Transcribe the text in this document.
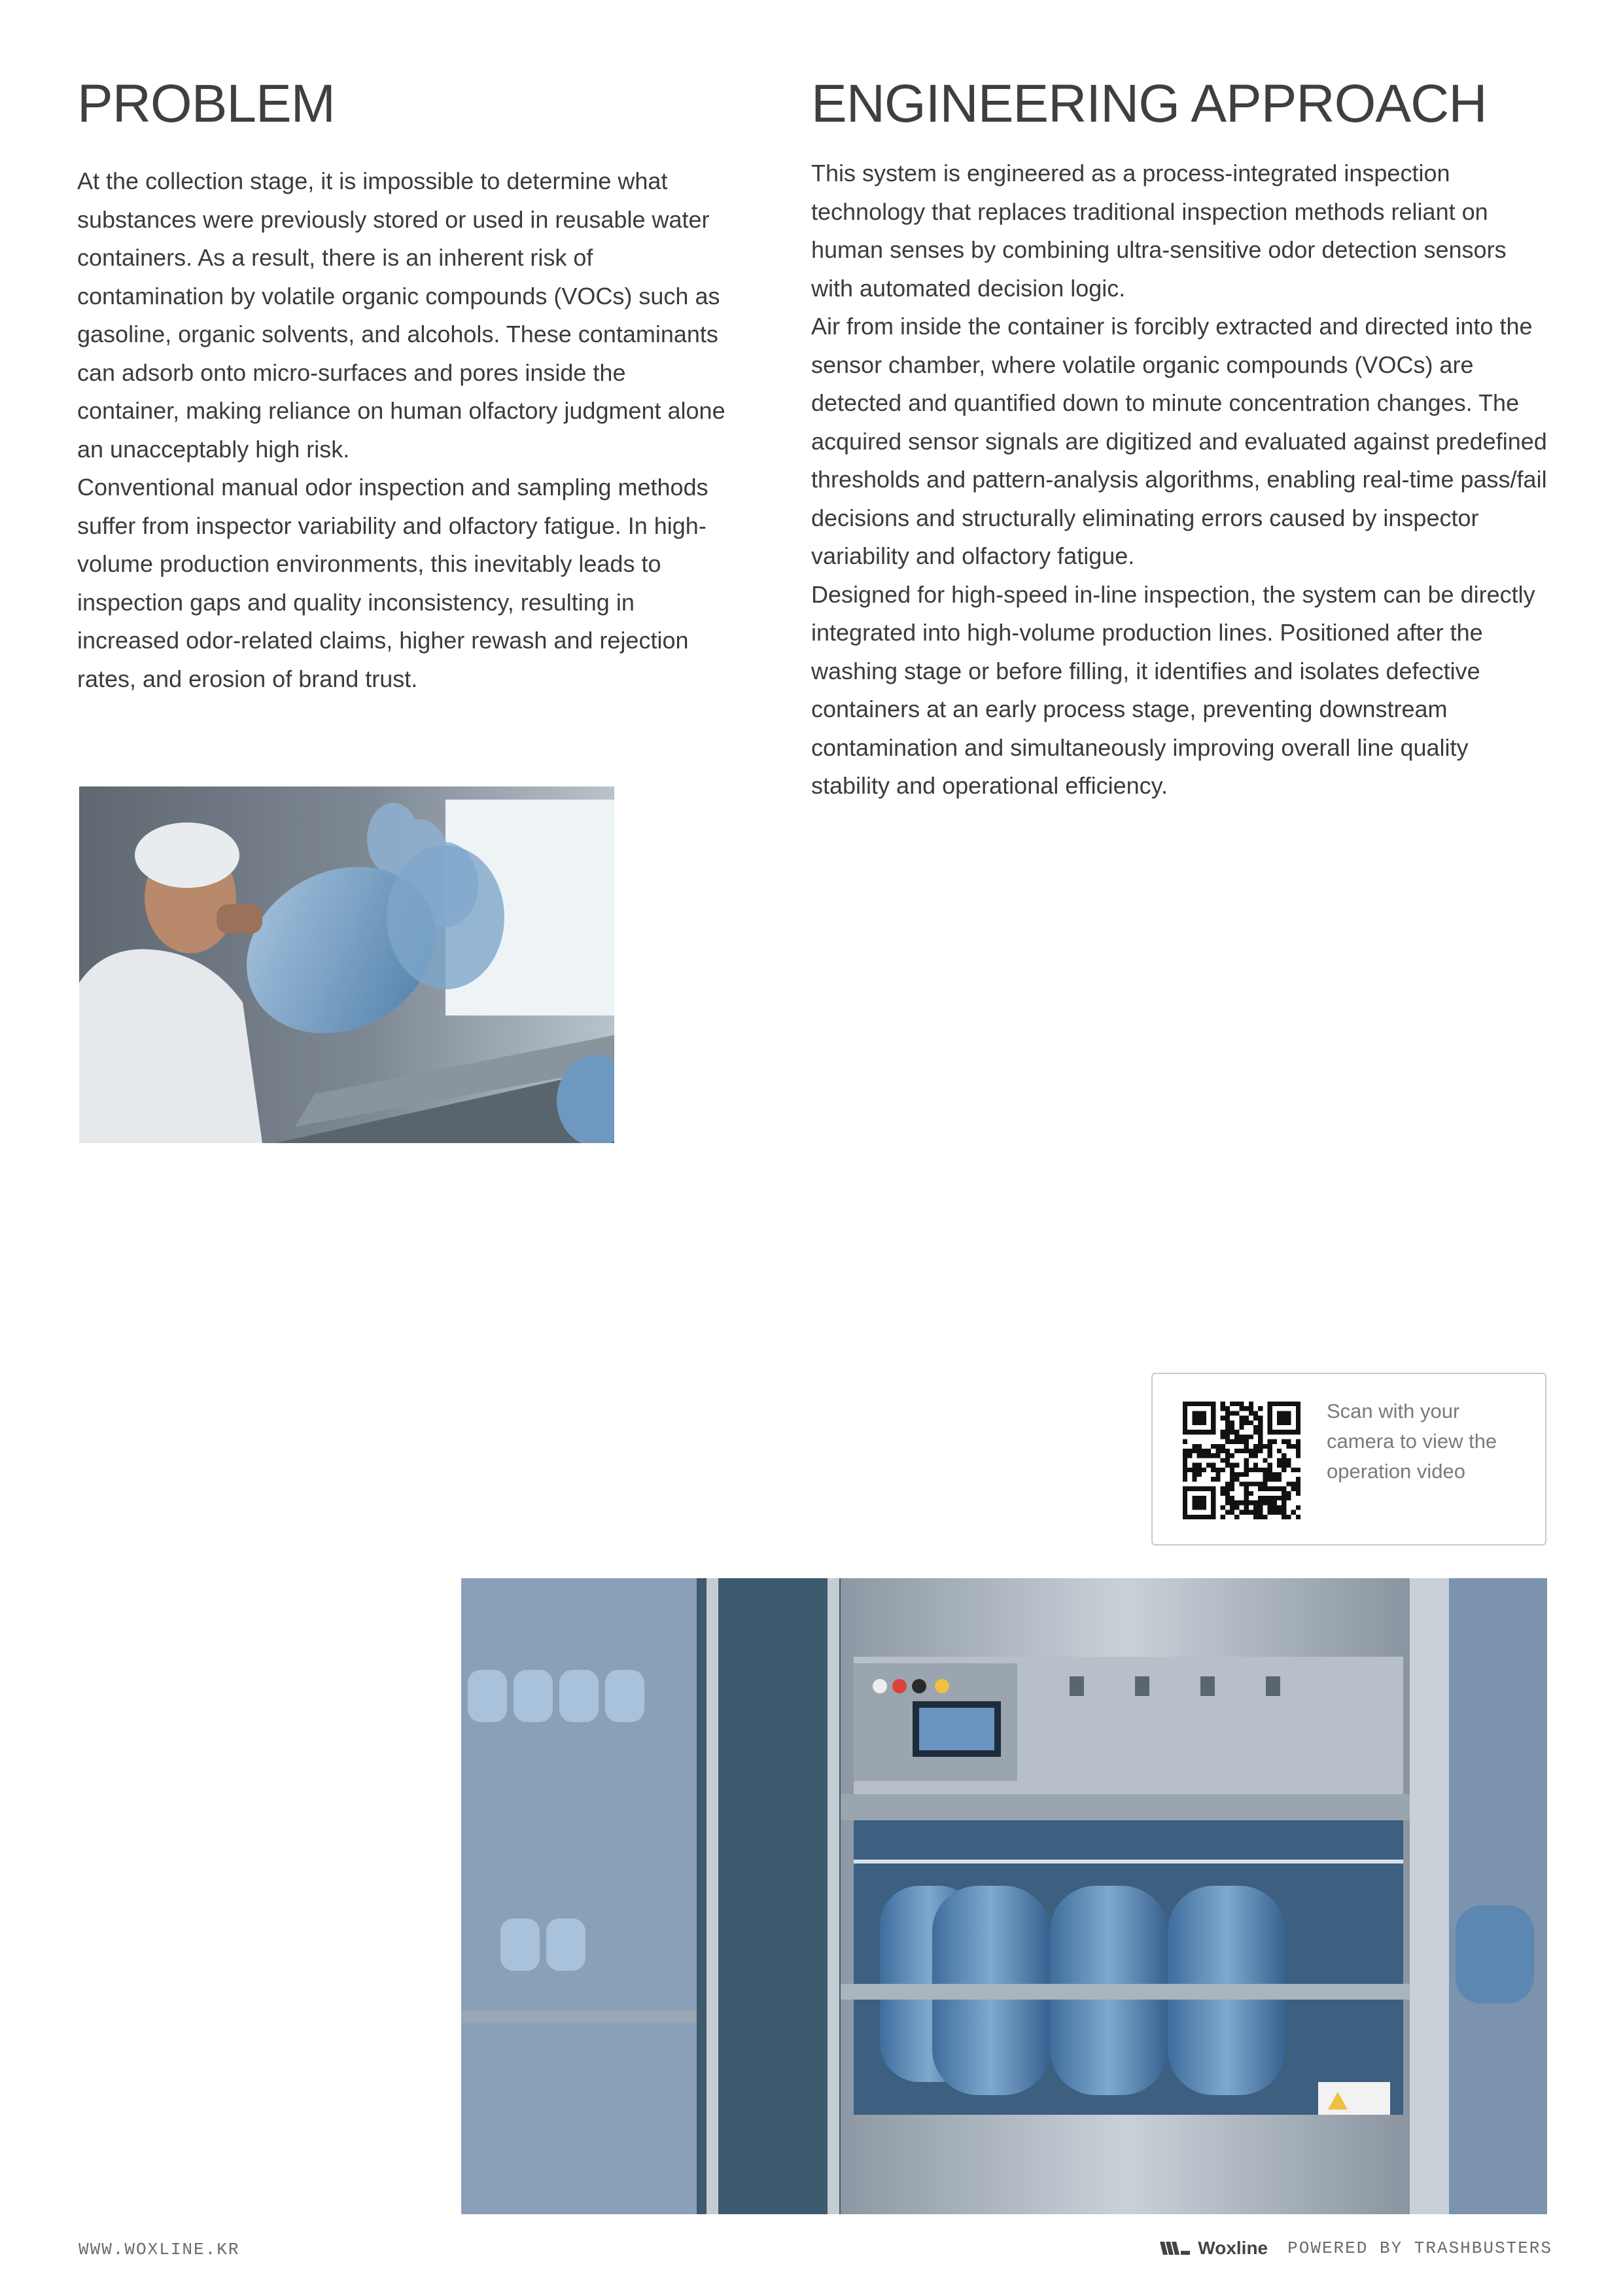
PROBLEM

At the collection stage, it is impossible to determine what substances were previously stored or used in reusable water containers. As a result, there is an inherent risk of contamination by volatile organic compounds (VOCs) such as gasoline, organic solvents, and alcohols. These contaminants can adsorb onto micro-surfaces and pores inside the container, making reliance on human olfactory judgment alone an unacceptably high risk.

Conventional manual odor inspection and sampling methods suffer from inspector variability and olfactory fatigue. In high-volume production environments, this inevitably leads to inspection gaps and quality inconsistency, resulting in increased odor-related claims, higher rewash and rejection rates, and erosion of brand trust.

ENGINEERING APPROACH

This system is engineered as a process-integrated inspection technology that replaces traditional inspection methods reliant on human senses by combining ultra-sensitive odor detection sensors with automated decision logic.

Air from inside the container is forcibly extracted and directed into the sensor chamber, where volatile organic compounds (VOCs) are detected and quantified down to minute concentration changes. The acquired sensor signals are digitized and evaluated against predefined thresholds and pattern-analysis algorithms, enabling real-time pass/fail decisions and structurally eliminating errors caused by inspector variability and olfactory fatigue.

Designed for high-speed in-line inspection, the system can be directly integrated into high-volume production lines. Positioned after the washing stage or before filling, it identifies and isolates defective containers at an early process stage, preventing downstream contamination and simultaneously improving overall line quality stability and operational efficiency.

Scan with your camera to view the operation video
WWW.WOXLINE.KR	Woxline POWERED BY TRASHBUSTERS
